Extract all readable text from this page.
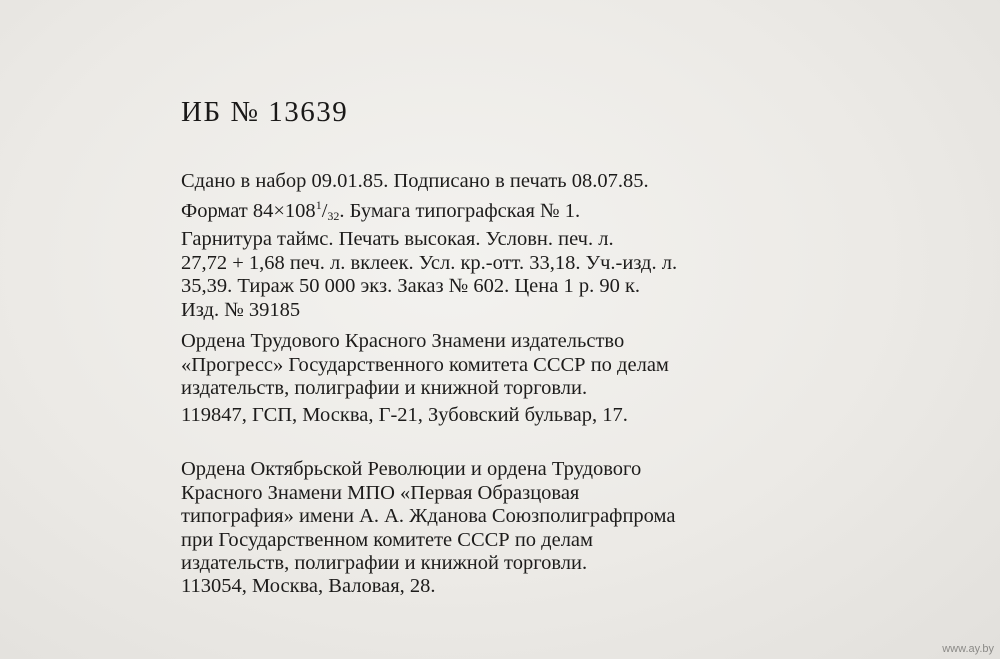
ИБ № 13639
Сдано в набор 09.01.85. Подписано в печать 08.07.85.
Формат $84\times 108^1/_{32}$. Бумага типографская № 1.
Гарнитура таймс. Печать высокая. Условн. печ. л.
27,72 + 1,68 печ. л. вклеек. Усл. кр.-отт. 33,18. Уч.-изд. л.
35,39. Тираж 50 000 экз. Заказ № 602. Цена 1 р. 90 к.
Изд. № 39185
Ордена Трудового Красного Знамени издательство
«Прогресс» Государственного комитета СССР по делам
издательств, полиграфии и книжной торговли.
119847, ГСП, Москва, Г-21, Зубовский бульвар, 17.
Ордена Октябрьской Революции и ордена Трудового
Красного Знамени МПО «Первая Образцовая
типография» имени А. А. Жданова Союзполиграфпрома
при Государственном комитете СССР по делам
издательств, полиграфии и книжной торговли.
113054, Москва, Валовая, 28.
www.ay.by
